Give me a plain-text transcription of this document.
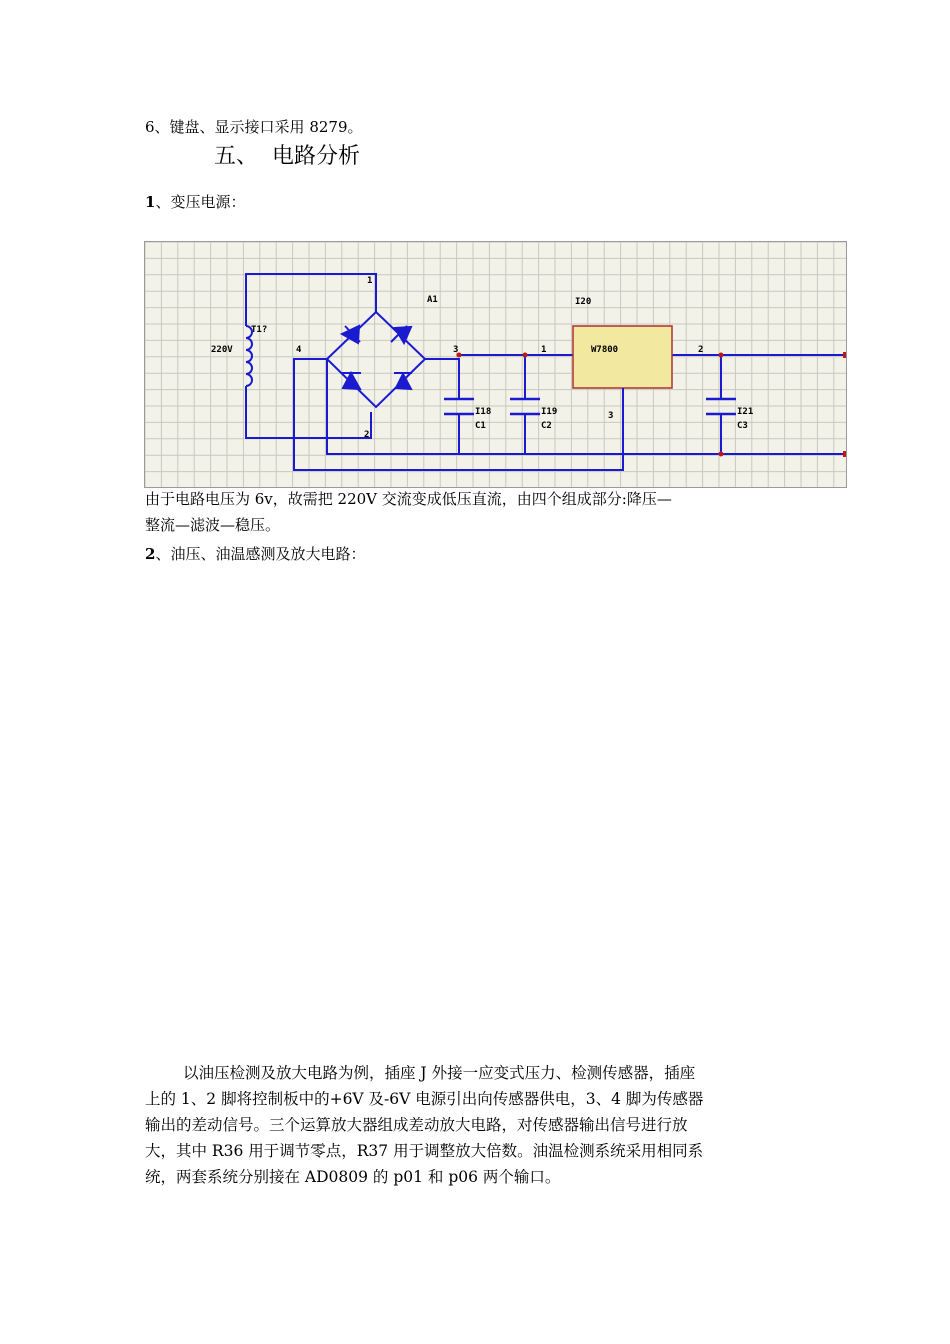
6、键盘、显示接口采用 8279。
五、 电路分析
1、变压电源：
T1?
220V
1
A1
4	3
2
I20
W7800
1	2
3
I18
C1
I19
C2
I21
C3
由于电路电压为 6v，故需把 220V 交流变成低压直流，由四个组成部分:降压—
整流—滤波—稳压。
2、油压、油温感测及放大电路：

以油压检测及放大电路为例，插座 J 外接一应变式压力、检测传感器，插座

上的 1、2 脚将控制板中的+6V 及-6V 电源引出向传感器供电，3、4 脚为传感器

输出的差动信号。三个运算放大器组成差动放大电路，对传感器输出信号进行放

大，其中 R36 用于调节零点，R37 用于调整放大倍数。油温检测系统采用相同系

统，两套系统分别接在 AD0809 的 p01 和 p06 两个输口。
